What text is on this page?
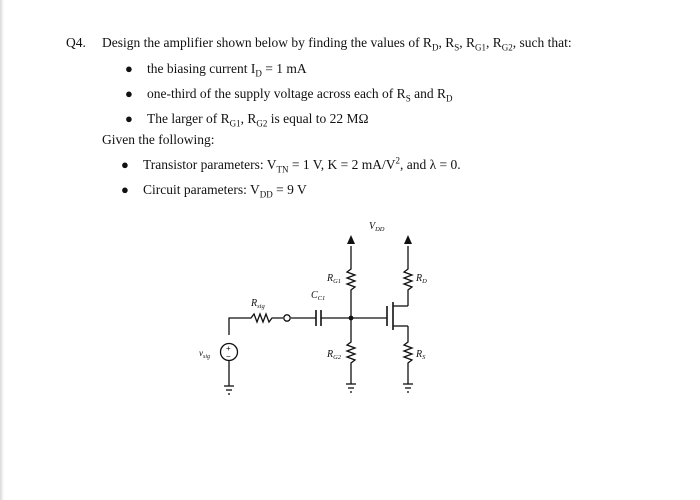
Q4. Design the amplifier shown below by finding the values of $R_D$, $R_S$, $R_{G1}$, $R_{G2}$, such that:
● the biasing current $I_D = 1$ mA
● one-third of the supply voltage across each of $R_S$ and $R_D$
● The larger of $R_{G1}$, $R_{G2}$ is equal to 22 MΩ
Given the following:
● Transistor parameters: $V_{TN} = 1$ V, K = 2 $mA/V^2$, and λ = 0.
● Circuit parameters: $V_{DD} = 9$ V
+
−
$V_{DD}$
$R_{G1}$
$R_{G2}$
$R_D$
$R_S$
$R_{sig}$
$C_{C1}$
$v_{sig}$
